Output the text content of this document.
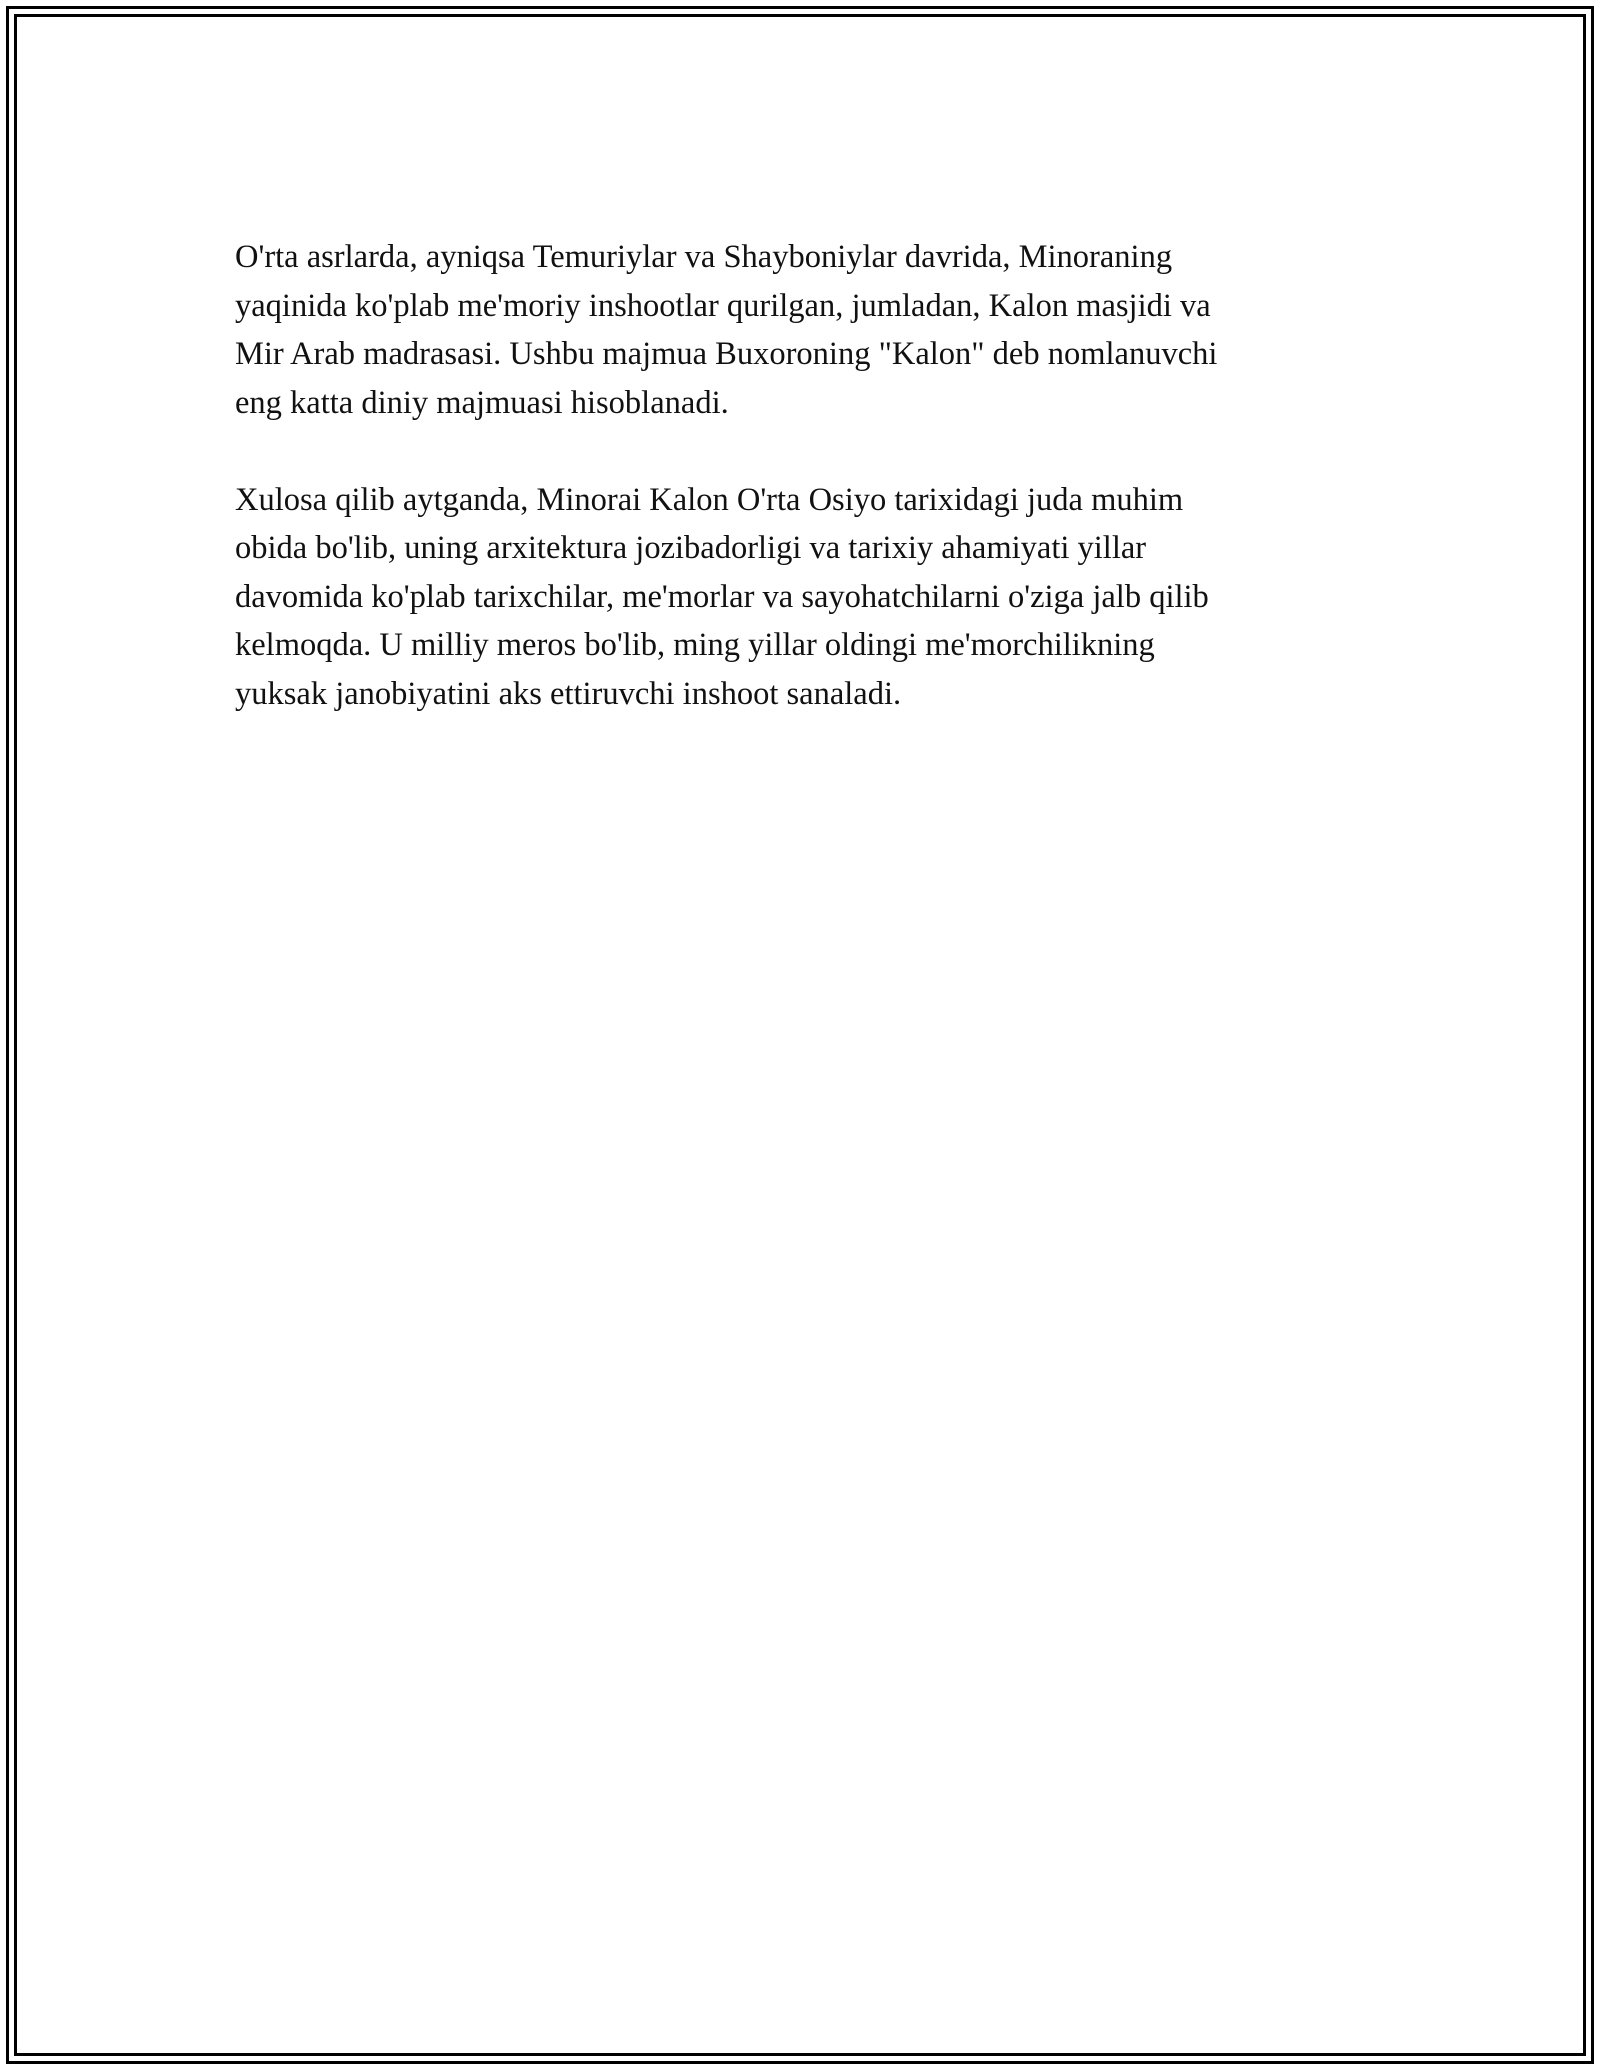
O'rta asrlarda, ayniqsa Temuriylar va Shayboniylar davrida, Minoraning
yaqinida ko'plab me'moriy inshootlar qurilgan, jumladan, Kalon masjidi va
Mir Arab madrasasi. Ushbu majmua Buxoroning "Kalon" deb nomlanuvchi
eng katta diniy majmuasi hisoblanadi.

Xulosa qilib aytganda, Minorai Kalon O'rta Osiyo tarixidagi juda muhim
obida bo'lib, uning arxitektura jozibadorligi va tarixiy ahamiyati yillar
davomida ko'plab tarixchilar, me'morlar va sayohatchilarni o'ziga jalb qilib
kelmoqda. U milliy meros bo'lib, ming yillar oldingi me'morchilikning
yuksak janobiyatini aks ettiruvchi inshoot sanaladi.
